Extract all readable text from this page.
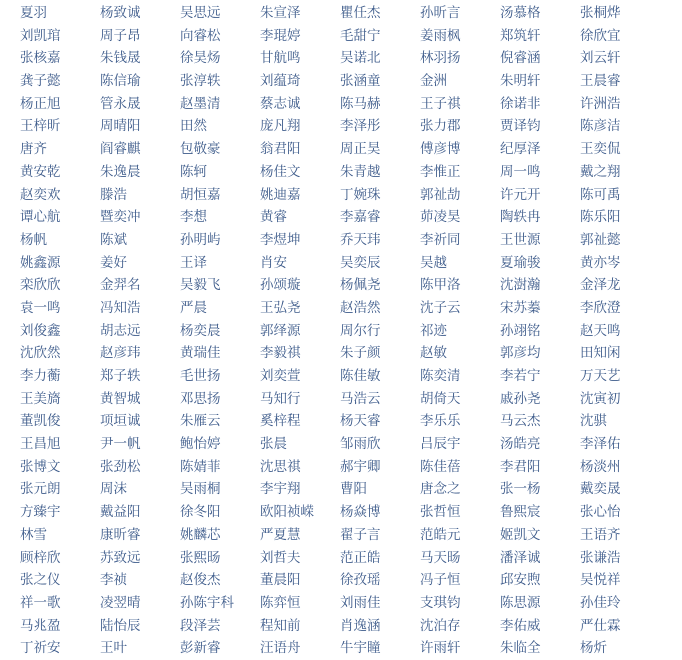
夏羽	杨致诚	吴思远	朱宣泽	瞿任杰	孙昕言	汤慕格	张桐烨
刘凯琯	周子昂	向睿松	李琨婷	毛甜宁	姜雨枫	郑筑轩	徐欣宜
张核嘉	朱钱晟	徐昊炀	甘航鸣	吴诺北	林羽扬	倪睿涵	刘云轩
龚子懿	陈信瑜	张淳轶	刘蕴琦	张涵童	金洲	朱明轩	王晨睿
杨正旭	管永晟	赵墨清	蔡志诚	陈马赫	王子祺	徐诺非	许洲浩
王梓昕	周晴阳	田然	庞凡翔	李泽彤	张力郡	贾译钧	陈彦洁
唐齐	阎睿麒	包敬豪	翁君阳	周正昊	傅彦博	纪厚泽	王奕侃
黄安乾	朱逸晨	陈轲	杨佳文	朱青越	李惟正	周一鸣	戴之翔
赵奕欢	滕浩	胡恒嘉	姚迪嘉	丁婉珠	郭祉劼	许元开	陈可禹
谭心航	暨奕冲	李想	黄睿	李嘉睿	茆凌昊	陶轶冉	陈乐阳
杨帆	陈斌	孙明屿	李煜坤	乔天玮	李祈同	王世源	郭祉懿
姚鑫源	姜好	王译	肖安	吴奕辰	吴越	夏瑜骏	黄亦岑
栾欣欣	金羿名	吴毅飞	孙颂璇	杨佩尧	陈甲洛	沈澍瀚	金泽龙
袁一鸣	冯知浩	严晨	王弘尧	赵浩然	沈子云	宋苏蓁	李欣澄
刘俊鑫	胡志远	杨奕晨	郭绎源	周尔行	祁迹	孙翊铭	赵天鸣
沈欣然	赵彦玮	黄瑞佳	李毅祺	朱子颜	赵敏	郭彦均	田知闲
李力蘅	郑子轶	毛世扬	刘奕萱	陈佳敏	陈奕清	李若宁	万天艺
王美旖	黄智城	邓思扬	马知行	马浩云	胡倚天	戚孙尧	沈寅初
董凯俊	项垣诚	朱雁云	奚梓程	杨天睿	李乐乐	马云杰	沈骐
王昌旭	尹一帆	鲍怡婷	张晨	邹雨欣	吕辰宇	汤皓亮	李泽佑
张博文	张劲松	陈婧菲	沈思祺	郝宇卿	陈佳蓓	李君阳	杨淡州
张元朗	周沫	吴雨桐	李宇翔	曹阳	唐念之	张一杨	戴奕晟
方臻宇	戴益阳	徐冬阳	欧阳祯嵘	杨焱博	张哲恒	鲁熙宸	张心怡
林雪	康昕睿	姚麟芯	严夏慧	翟子言	范皓元	姬凯文	王语齐
顾梓欣	苏致远	张熙旸	刘哲夫	范正皓	马天旸	潘泽诚	张谦浩
张之仪	李祯	赵俊杰	董晨阳	徐孜瑶	冯子恒	邱安煦	吴悦祥
祥一歌	凌翌晴	孙陈宇科	陈弈恒	刘雨佳	支琪钧	陈思源	孙佳玲
马兆盈	陆怡辰	段泽芸	程知前	肖逸涵	沈泊存	李佑威	严仕霖
丁祈安	王叶	彭新睿	汪语舟	牛宇瞳	许雨轩	朱临全	杨炘
